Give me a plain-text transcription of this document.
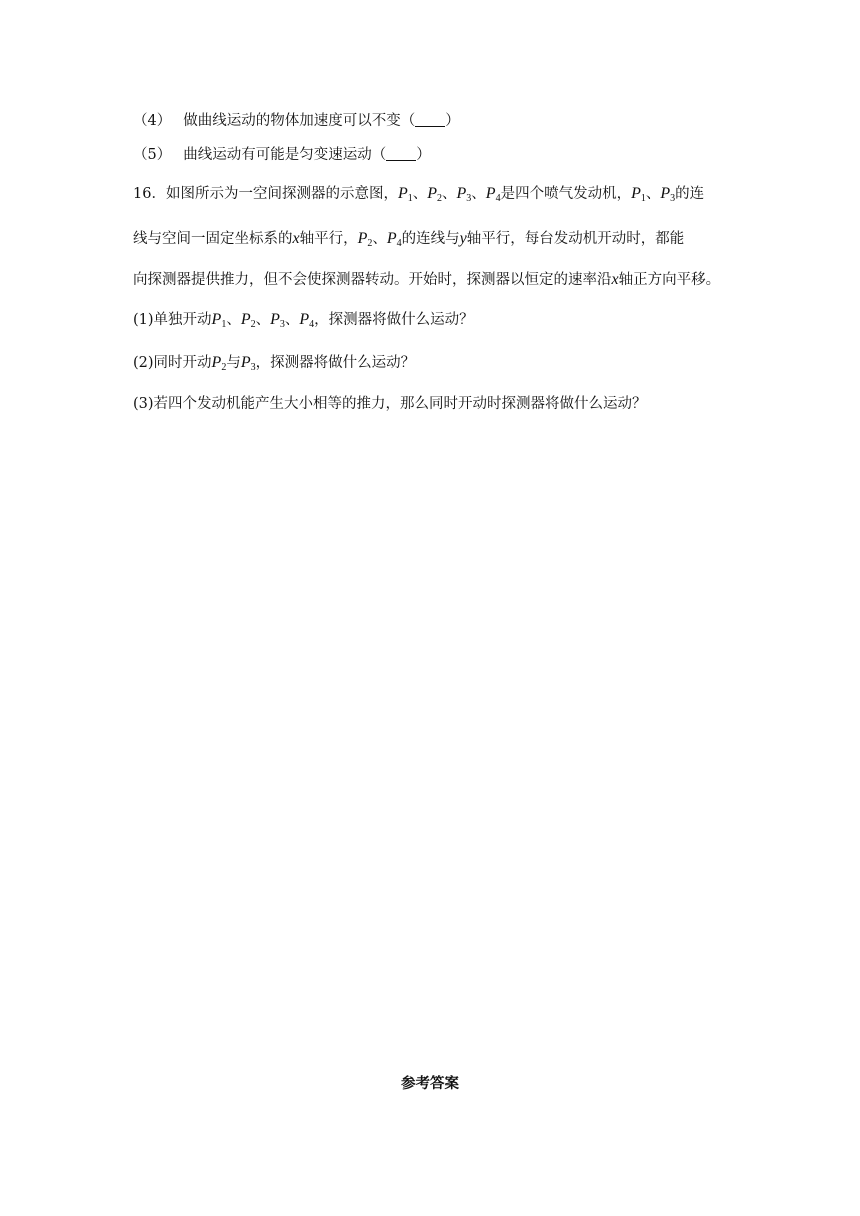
（4） 做曲线运动的物体加速度可以不变（ ）
（5） 曲线运动有可能是匀变速运动（ ）
16．如图所示为一空间探测器的示意图，$P_1$、$P_2$、$P_3$、$P_4$是四个喷气发动机，$P_1$、$P_3$的连
线与空间一固定坐标系的x轴平行，$P_2$、$P_4$的连线与y轴平行，每台发动机开动时，都能
向探测器提供推力，但不会使探测器转动。开始时，探测器以恒定的速率沿x轴正方向平移。
(1)单独开动$P_1$、$P_2$、$P_3$、$P_4$，探测器将做什么运动？
(2)同时开动$P_2$与$P_3$，探测器将做什么运动？
(3)若四个发动机能产生大小相等的推力，那么同时开动时探测器将做什么运动？
参考答案
